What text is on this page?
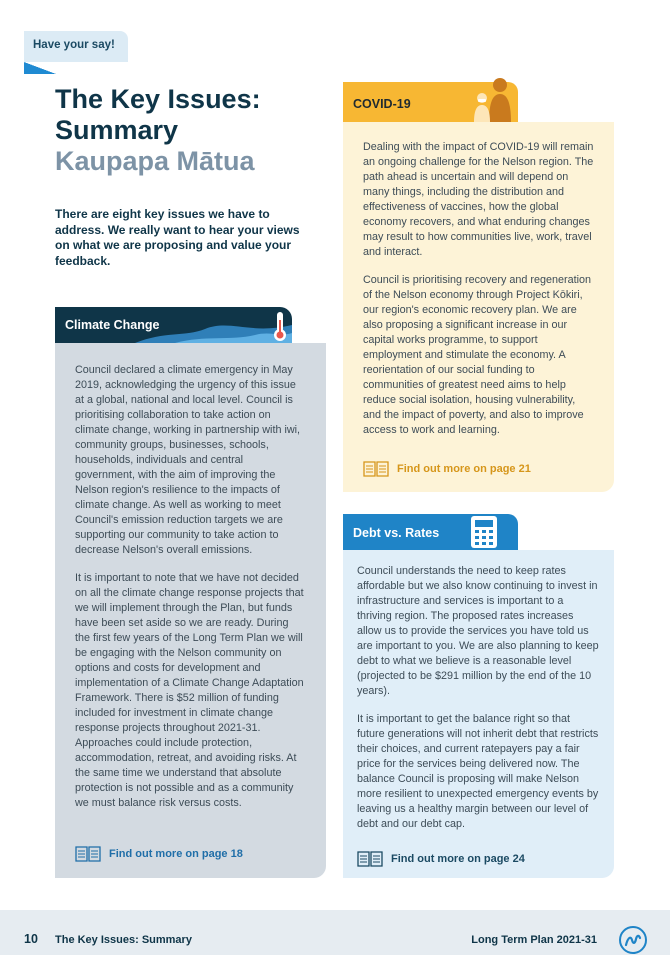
Have your say!
The Key Issues:
Summary
Kaupapa Mātua

There are eight key issues we have to address. We really want to hear your views on what we are proposing and value your feedback.

Climate Change

Council declared a climate emergency in May 2019, acknowledging the urgency of this issue at a global, national and local level. Council is prioritising collaboration to take action on climate change, working in partnership with iwi, community groups, businesses, schools, households, individuals and central government, with the aim of improving the Nelson region's resilience to the impacts of climate change. As well as working to meet Council's emission reduction targets we are supporting our community to take action to decrease Nelson's overall emissions.

It is important to note that we have not decided on all the climate change response projects that we will implement through the Plan, but funds have been set aside so we are ready. During the first few years of the Long Term Plan we will be engaging with the Nelson community on options and costs for development and implementation of a Climate Change Adaptation Framework. There is $52 million of funding included for investment in climate change response projects throughout 2021-31. Approaches could include protection, accommodation, retreat, and avoiding risks. At the same time we understand that absolute protection is not possible and as a community we must balance risk versus costs.

Find out more on page 18
COVID-19

Dealing with the impact of COVID-19 will remain an ongoing challenge for the Nelson region. The path ahead is uncertain and will depend on many things, including the distribution and effectiveness of vaccines, how the global economy recovers, and what enduring changes may result to how communities live, work, travel and interact.

Council is prioritising recovery and regeneration of the Nelson economy through Project Kōkiri, our region's economic recovery plan. We are also proposing a significant increase in our capital works programme, to support employment and stimulate the economy. A reorientation of our social funding to communities of greatest need aims to help reduce social isolation, housing vulnerability, and the impact of poverty, and also to improve access to work and learning.

Find out more on page 21
Debt vs. Rates

Council understands the need to keep rates affordable but we also know continuing to invest in infrastructure and services is important to a thriving region. The proposed rates increases allow us to provide the services you have told us are important to you. We are also planning to keep debt to what we believe is a reasonable level (projected to be $291 million by the end of the 10 years).

It is important to get the balance right so that future generations will not inherit debt that restricts their choices, and current ratepayers pay a fair price for the services being delivered now. The balance Council is proposing will make Nelson more resilient to unexpected emergency events by leaving us a healthy margin between our level of debt and our debt cap.

Find out more on page 24
10 The Key Issues: Summary	Long Term Plan 2021-31
